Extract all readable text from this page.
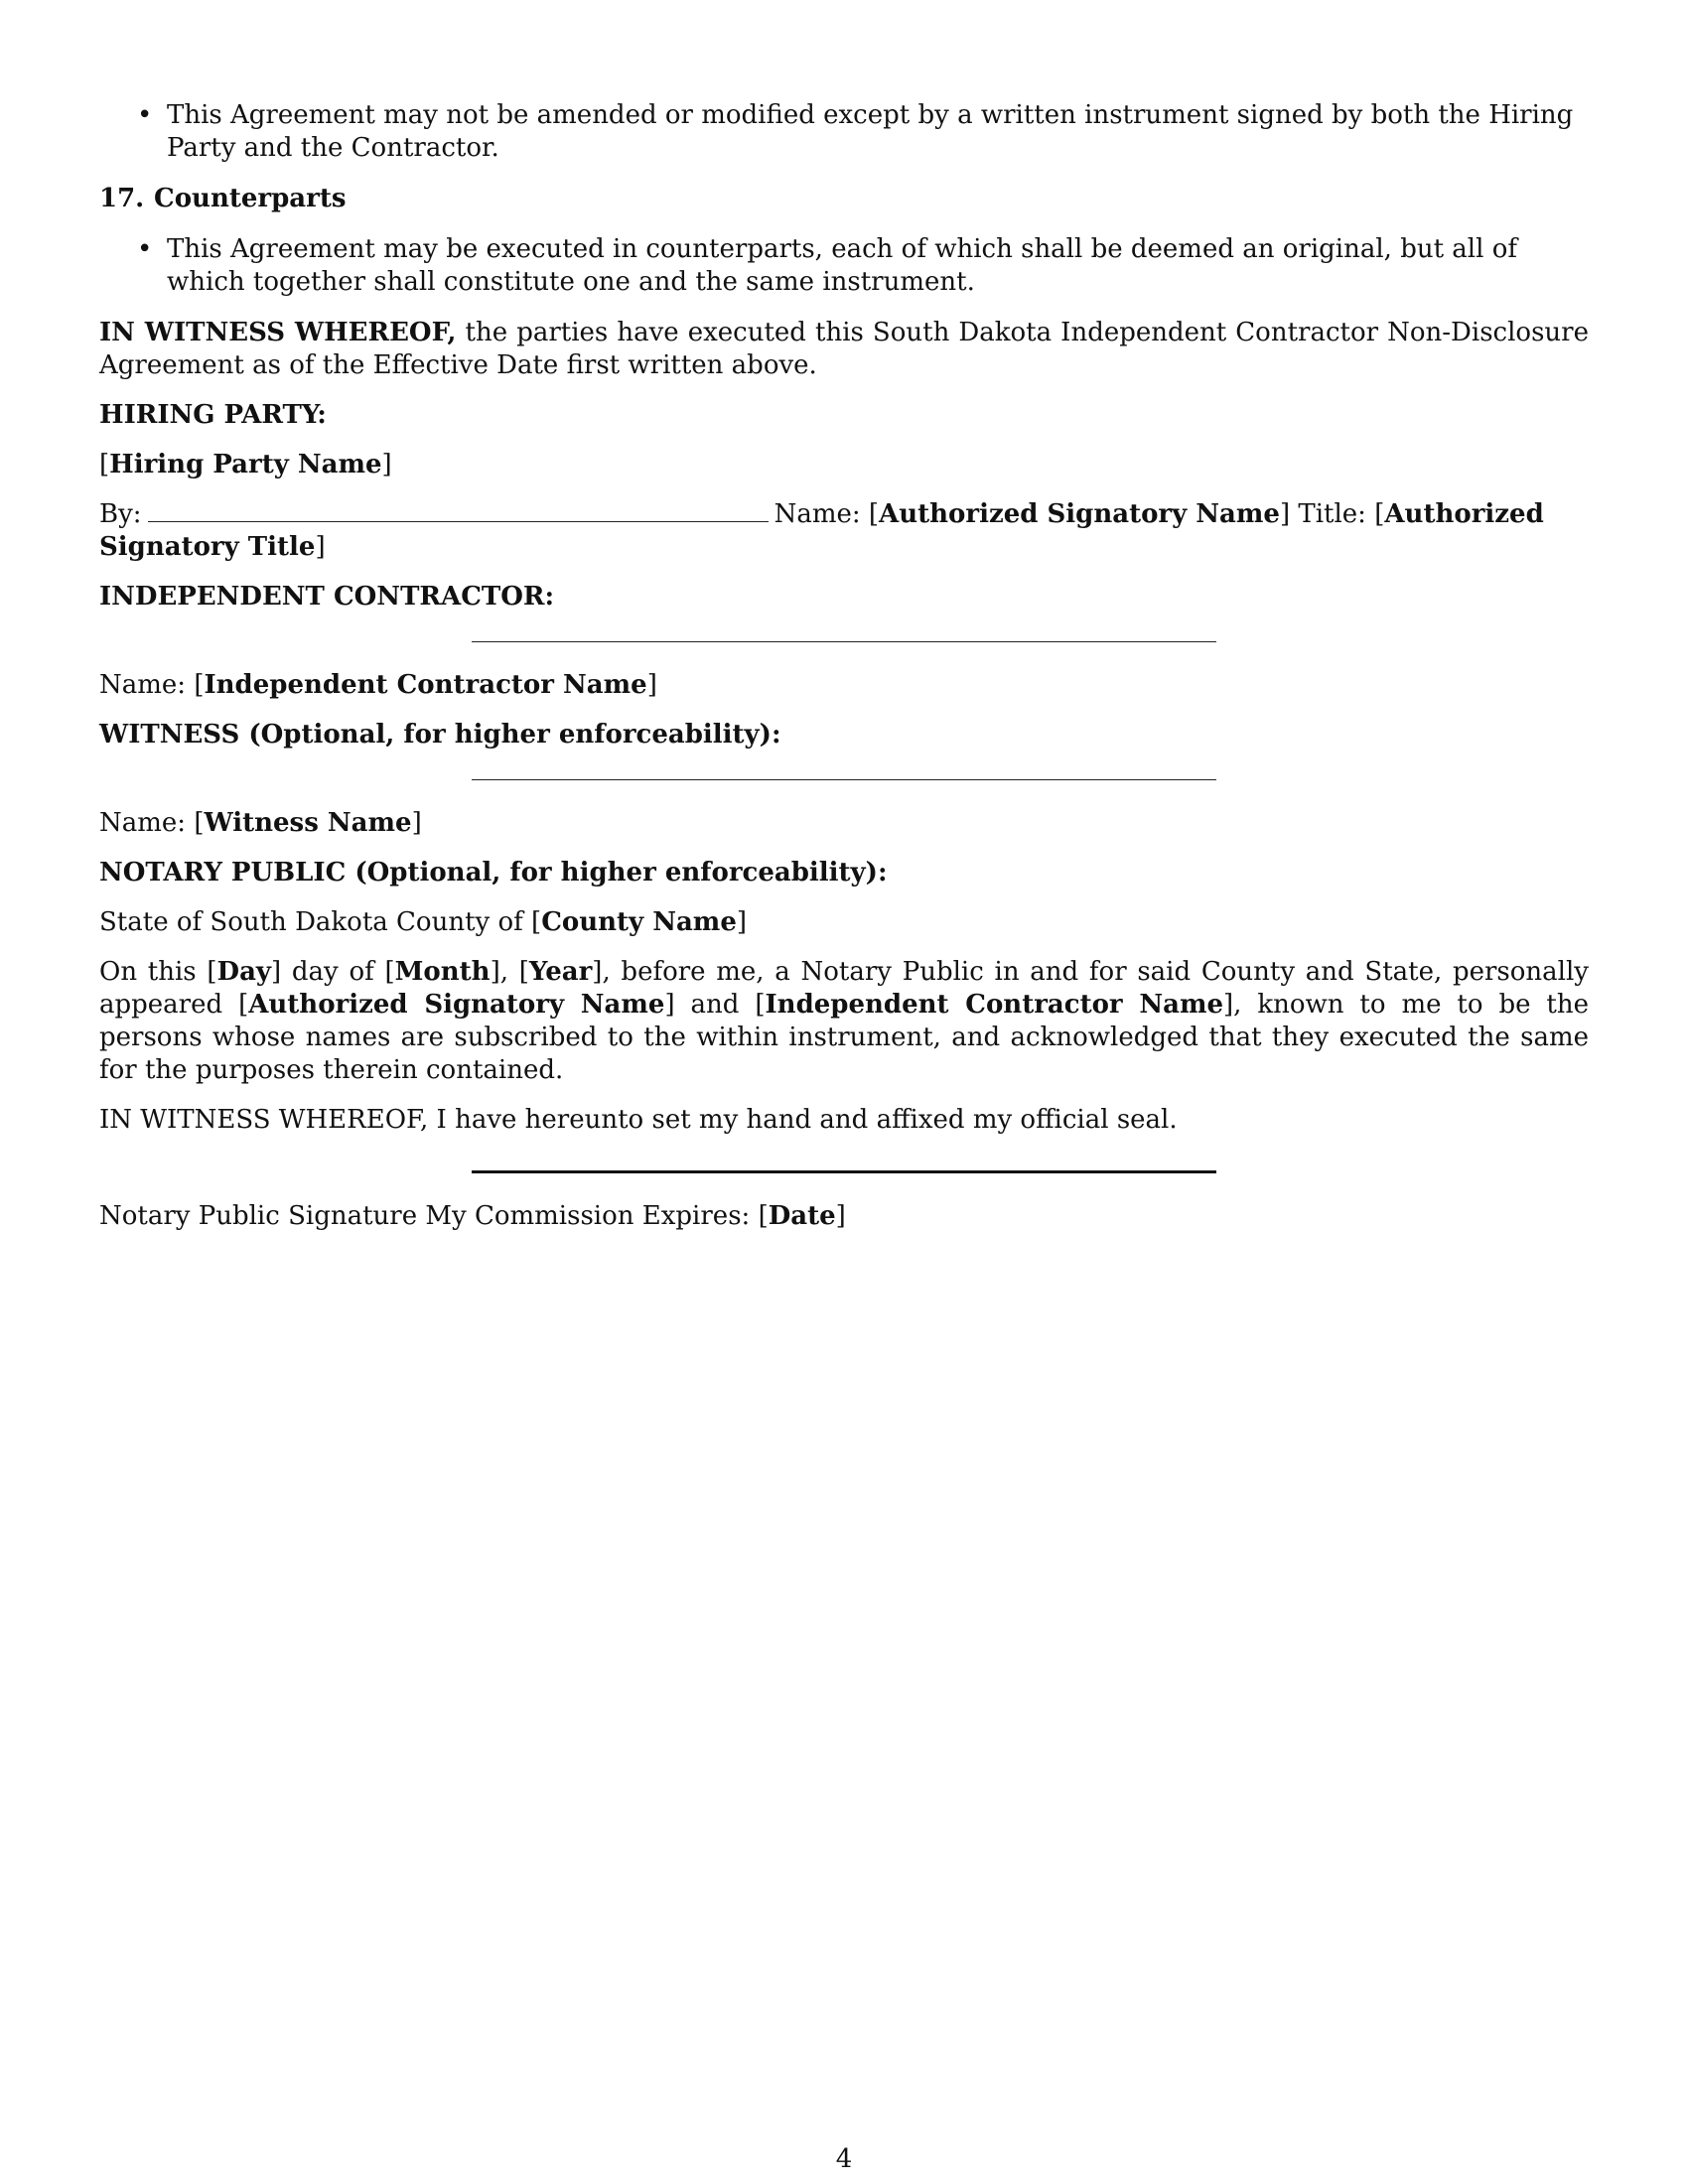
• This Agreement may not be amended or modified except by a written instrument signed by both the Hiring Party and the Contractor.
17. Counterparts
• This Agreement may be executed in counterparts, each of which shall be deemed an original, but all of which together shall constitute one and the same instrument.

IN WITNESS WHEREOF, the parties have executed this South Dakota Independent Contractor Non-Disclosure Agreement as of the Effective Date first written above.

HIRING PARTY:

[Hiring Party Name]

By:	Name: [Authorized Signatory Name] Title: [Authorized Signatory Title]

INDEPENDENT CONTRACTOR:

Name: [Independent Contractor Name]

WITNESS (Optional, for higher enforceability):

Name: [Witness Name]

NOTARY PUBLIC (Optional, for higher enforceability):

State of South Dakota County of [County Name]

On this [Day] day of [Month], [Year], before me, a Notary Public in and for said County and State, personally appeared [Authorized Signatory Name] and [Independent Contractor Name], known to me to be the persons whose names are subscribed to the within instrument, and acknowledged that they executed the same for the purposes therein contained.

IN WITNESS WHEREOF, I have hereunto set my hand and affixed my official seal.

Notary Public Signature My Commission Expires: [Date]

4
